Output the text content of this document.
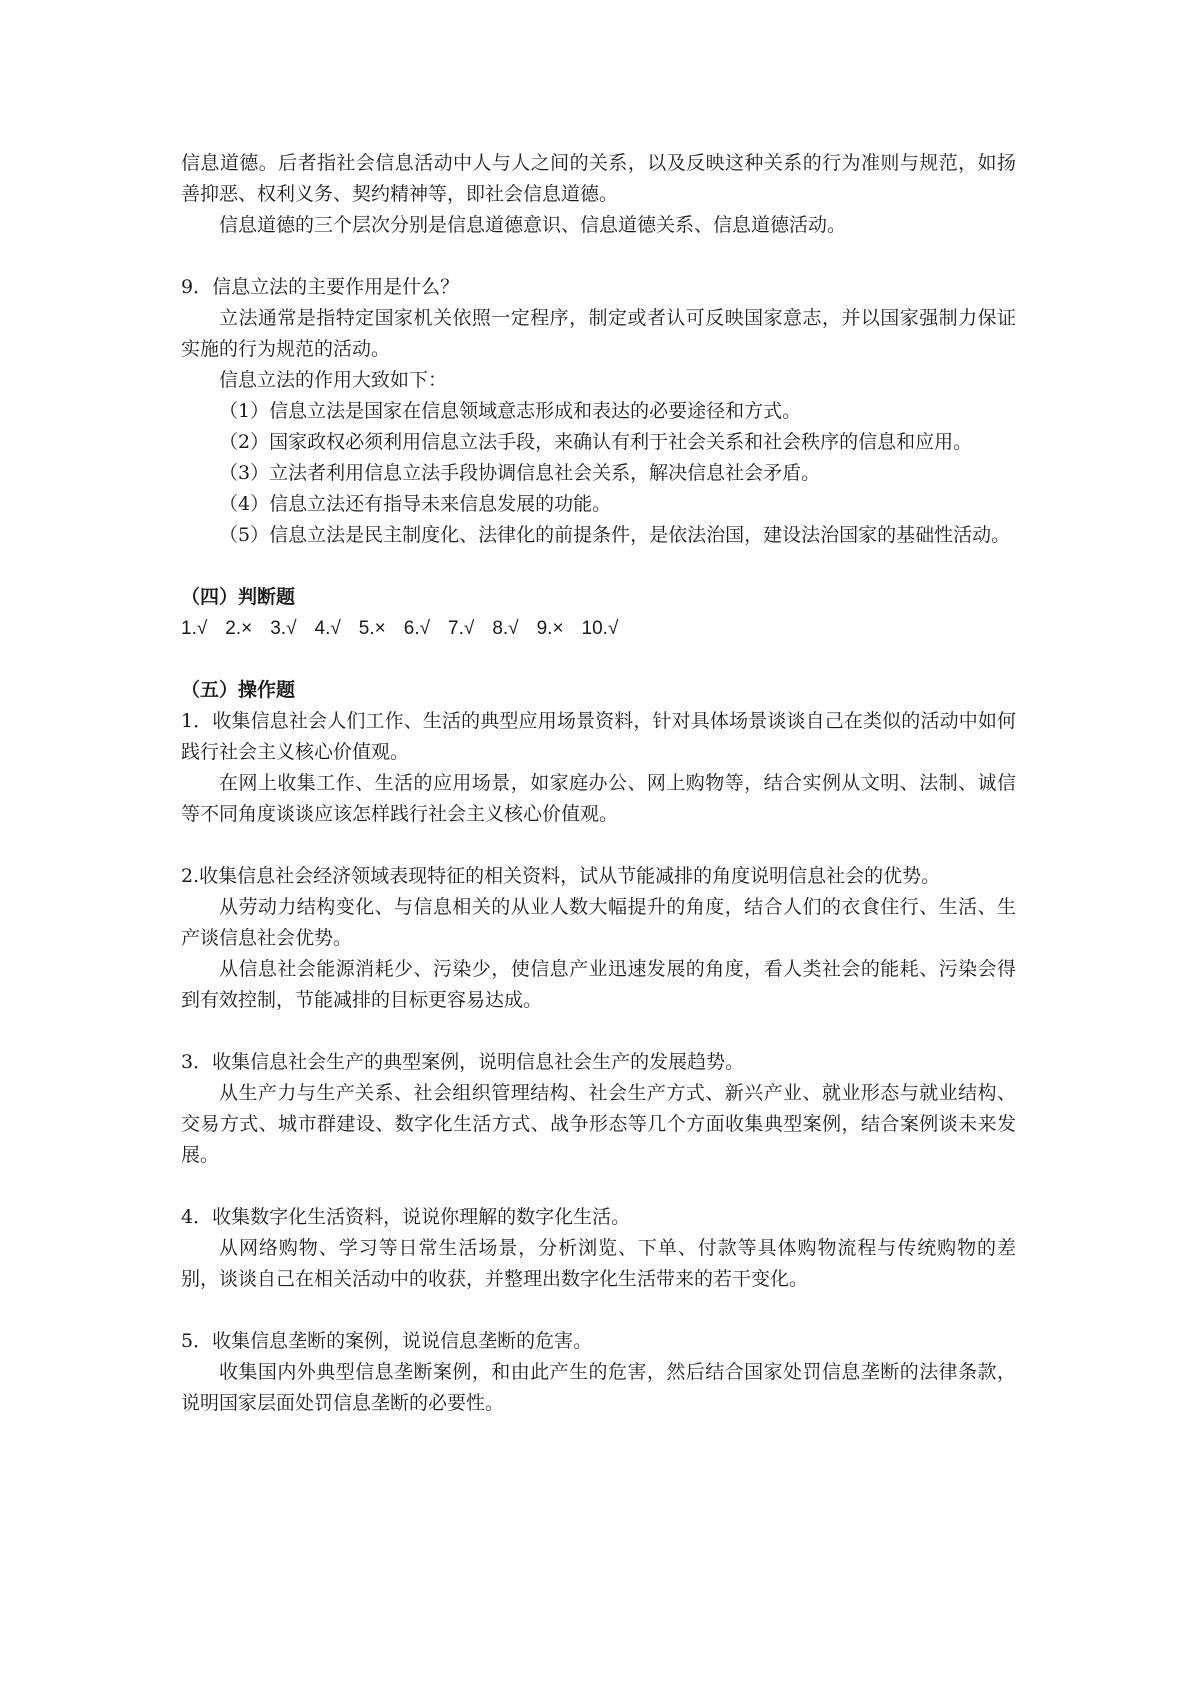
信息道德。后者指社会信息活动中人与人之间的关系，以及反映这种关系的行为准则与规范，如扬善抑恶、权利义务、契约精神等，即社会信息道德。

信息道德的三个层次分别是信息道德意识、信息道德关系、信息道德活动。

9．信息立法的主要作用是什么？

立法通常是指特定国家机关依照一定程序，制定或者认可反映国家意志，并以国家强制力保证实施的行为规范的活动。

信息立法的作用大致如下：

（1）信息立法是国家在信息领域意志形成和表达的必要途径和方式。

（2）国家政权必须利用信息立法手段，来确认有利于社会关系和社会秩序的信息和应用。

（3）立法者利用信息立法手段协调信息社会关系，解决信息社会矛盾。

（4）信息立法还有指导未来信息发展的功能。

（5）信息立法是民主制度化、法律化的前提条件，是依法治国，建设法治国家的基础性活动。

（四）判断题

1.√ 2.× 3.√ 4.√ 5.× 6.√ 7.√ 8.√ 9.× 10.√

（五）操作题

1．收集信息社会人们工作、生活的典型应用场景资料，针对具体场景谈谈自己在类似的活动中如何践行社会主义核心价值观。

在网上收集工作、生活的应用场景，如家庭办公、网上购物等，结合实例从文明、法制、诚信等不同角度谈谈应该怎样践行社会主义核心价值观。

2.收集信息社会经济领域表现特征的相关资料，试从节能减排的角度说明信息社会的优势。

从劳动力结构变化、与信息相关的从业人数大幅提升的角度，结合人们的衣食住行、生活、生产谈信息社会优势。

从信息社会能源消耗少、污染少，使信息产业迅速发展的角度，看人类社会的能耗、污染会得到有效控制，节能减排的目标更容易达成。

3．收集信息社会生产的典型案例，说明信息社会生产的发展趋势。

从生产力与生产关系、社会组织管理结构、社会生产方式、新兴产业、就业形态与就业结构、交易方式、城市群建设、数字化生活方式、战争形态等几个方面收集典型案例，结合案例谈未来发展。

4．收集数字化生活资料，说说你理解的数字化生活。

从网络购物、学习等日常生活场景，分析浏览、下单、付款等具体购物流程与传统购物的差别，谈谈自己在相关活动中的收获，并整理出数字化生活带来的若干变化。

5．收集信息垄断的案例，说说信息垄断的危害。

收集国内外典型信息垄断案例，和由此产生的危害，然后结合国家处罚信息垄断的法律条款，说明国家层面处罚信息垄断的必要性。
